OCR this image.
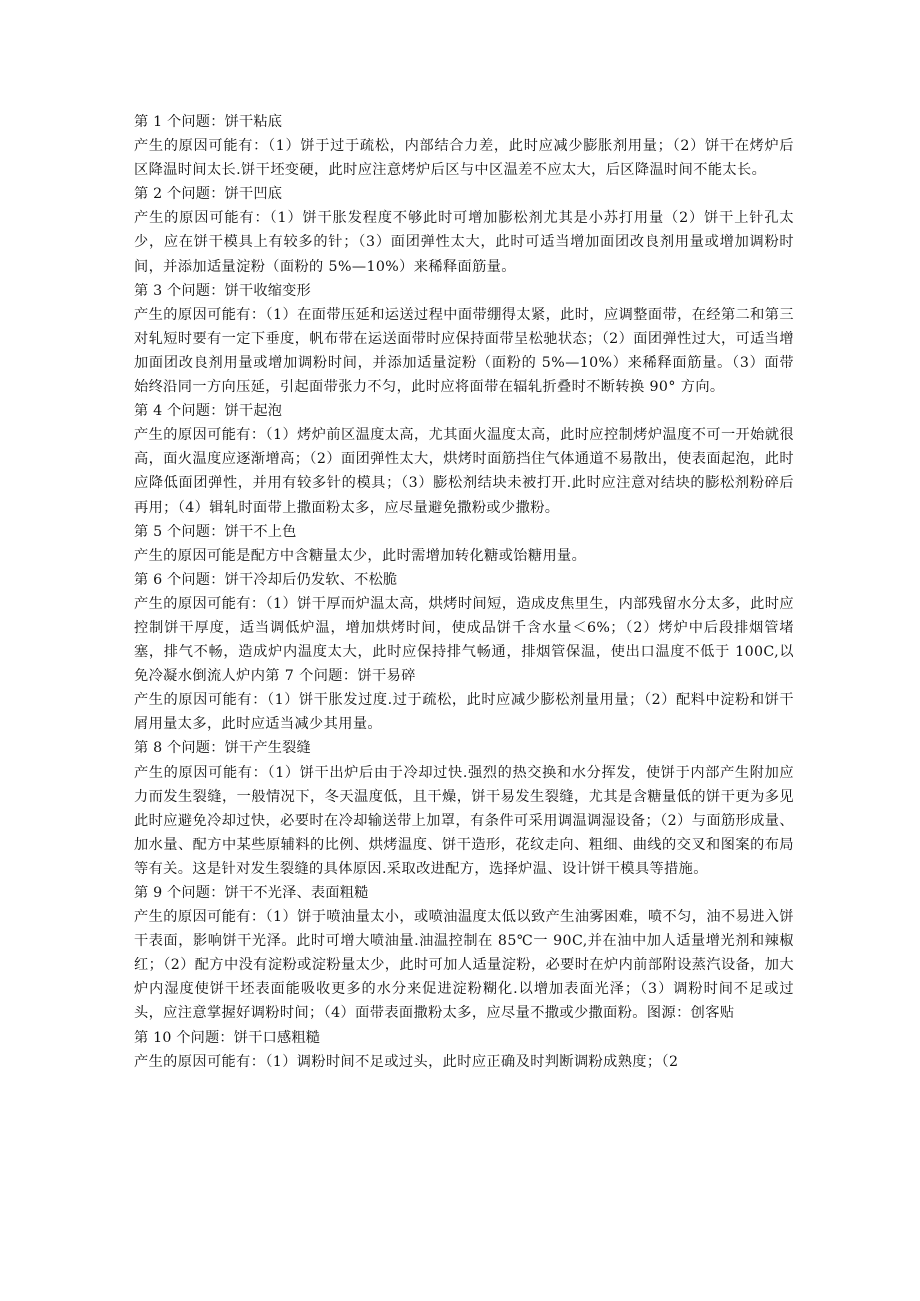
第 1 个问题：饼干粘底

产生的原因可能有：（1）饼于过于疏松，内部结合力差，此时应减少膨胀剂用量；（2）饼干在烤炉后区降温时间太长.饼干坯变硬，此时应注意烤炉后区与中区温差不应太大，后区降温时间不能太长。

第 2 个问题：饼干凹底

产生的原因可能有：（1）饼干胀发程度不够此时可增加膨松剂尤其是小苏打用量（2）饼干上针孔太少，应在饼干模具上有较多的针；（3）面团弹性太大，此时可适当增加面团改良剂用量或增加调粉时间，并添加适量淀粉（面粉的 5%—10%）来稀释面筋量。

第 3 个问题：饼干收缩变形

产生的原因可能有：（1）在面带压延和运送过程中面带绷得太紧，此时，应调整面带，在经第二和第三对轧短时要有一定下垂度，帆布带在运送面带时应保持面带呈松驰状态；（2）面团弹性过大，可适当增加面团改良剂用量或增加调粉时间，并添加适量淀粉（面粉的 5%—10%）来稀释面筋量。（3）面带始终沿同一方向压延，引起面带张力不匀，此时应将面带在辐轧折叠时不断转换 90° 方向。

第 4 个问题：饼干起泡

产生的原因可能有：（1）烤炉前区温度太高，尤其面火温度太高，此时应控制烤炉温度不可一开始就很高，面火温度应逐渐增高；（2）面团弹性太大，烘烤时面筋挡住气体通道不易散出，使表面起泡，此时应降低面团弹性，并用有较多针的模具；（3）膨松剂结块未被打开.此时应注意对结块的膨松剂粉碎后再用；（4）辑轧时面带上撒面粉太多，应尽量避免撒粉或少撒粉。

第 5 个问题：饼干不上色

产生的原因可能是配方中含糖量太少，此时需增加转化糖或饴糖用量。

第 6 个问题：饼干冷却后仍发软、不松脆

产生的原因可能有：（1）饼干厚而炉温太高，烘烤时间短，造成皮焦里生，内部残留水分太多，此时应控制饼干厚度，适当调低炉温，增加烘烤时间，使成品饼千含水量＜6%；（2）烤炉中后段排烟管堵塞，排气不畅，造成炉内温度太大，此时应保持排气畅通，排烟管保温，使出口温度不低于 100C,以免冷凝水倒流人炉内第 7 个问题：饼干易碎

产生的原因可能有：（1）饼干胀发过度.过于疏松，此时应减少膨松剂量用量；（2）配料中淀粉和饼干屑用量太多，此时应适当减少其用量。

第 8 个问题：饼干产生裂缝

产生的原因可能有：（1）饼干出炉后由于冷却过快.强烈的热交换和水分挥发，使饼于内部产生附加应力而发生裂缝，一般情况下，冬天温度低，且干燥，饼干易发生裂缝，尤其是含糖量低的饼干更为多见此时应避免冷却过快，必要时在冷却输送带上加罩，有条件可采用调温调湿设备；（2）与面筋形成量、加水量、配方中某些原辅料的比例、烘烤温度、饼干造形，花纹走向、粗细、曲线的交叉和图案的布局等有关。这是针对发生裂缝的具体原因.采取改进配方，选择炉温、设计饼干模具等措施。

第 9 个问题：饼干不光泽、表面粗糙

产生的原因可能有：（1）饼于喷油量太小，或喷油温度太低以致产生油雾困难，喷不匀，油不易进入饼干表面，影响饼干光泽。此时可增大喷油量.油温控制在 85℃一 90C,并在油中加人适量增光剂和辣椒红；（2）配方中没有淀粉或淀粉量太少，此时可加人适量淀粉，必要时在炉内前部附设蒸汽设备，加大炉内湿度使饼干坯表面能吸收更多的水分来促进淀粉糊化.以增加表面光泽；（3）调粉时间不足或过头，应注意掌握好调粉时间；（4）面带表面撒粉太多，应尽量不撒或少撒面粉。图源：创客贴

第 10 个问题：饼干口感粗糙

产生的原因可能有：（1）调粉时间不足或过头，此时应正确及时判断调粉成熟度；（2
